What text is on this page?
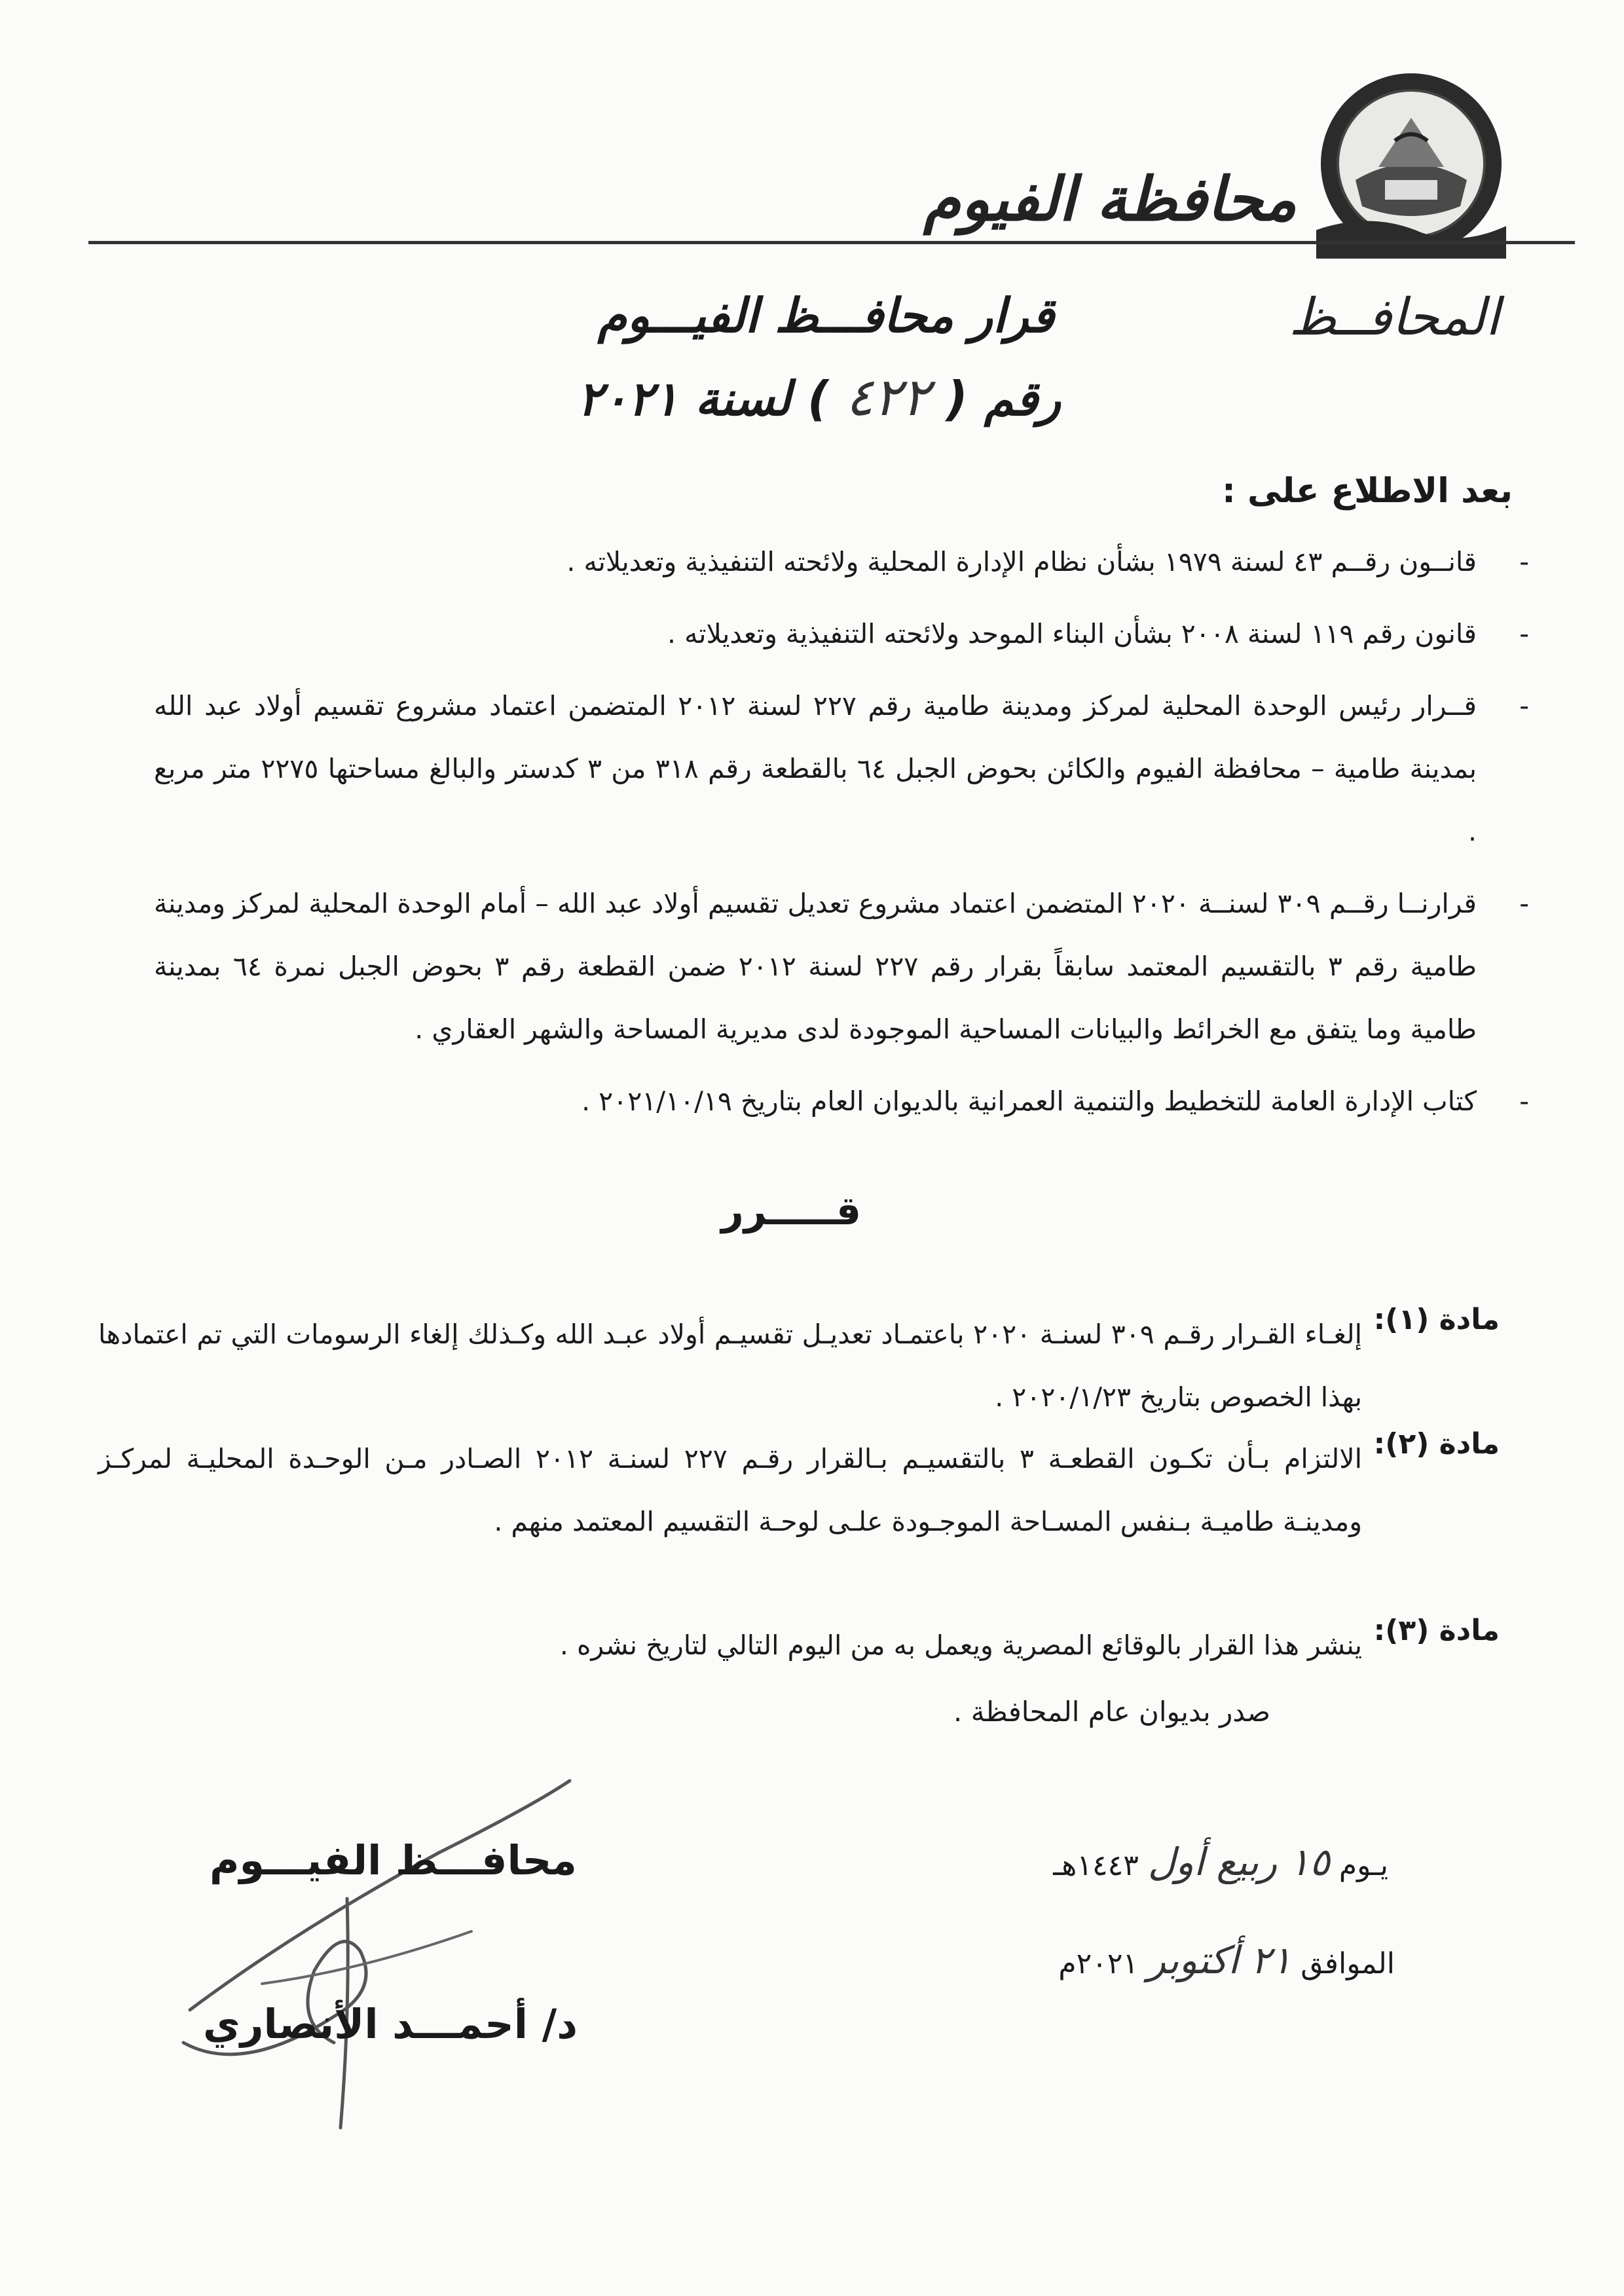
محافظة الفيوم
المحافــظ
قرار محافـــظ الفيـــوم
رقم ( ٤٢٢ ) لسنة ٢٠٢١
بعد الاطلاع على :
- قانــون رقــم ٤٣ لسنة ١٩٧٩ بشأن نظام الإدارة المحلية ولائحته التنفيذية وتعديلاته .
- قانون رقم ١١٩ لسنة ٢٠٠٨ بشأن البناء الموحد ولائحته التنفيذية وتعديلاته .
- قــرار رئيس الوحدة المحلية لمركز ومدينة طامية رقم ٢٢٧ لسنة ٢٠١٢ المتضمن اعتماد مشروع تقسيم أولاد عبد الله بمدينة طامية – محافظة الفيوم والكائن بحوض الجبل ٦٤ بالقطعة رقم ٣١٨ من ٣ كدستر والبالغ مساحتها ٢٢٧٥ متر مربع .
- قرارنــا رقــم ٣٠٩ لسنــة ٢٠٢٠ المتضمن اعتماد مشروع تعديل تقسيم أولاد عبد الله – أمام الوحدة المحلية لمركز ومدينة طامية رقم ٣ بالتقسيم المعتمد سابقاً بقرار رقم ٢٢٧ لسنة ٢٠١٢ ضمن القطعة رقم ٣ بحوض الجبل نمرة ٦٤ بمدينة طامية وما يتفق مع الخرائط والبيانات المساحية الموجودة لدى مديرية المساحة والشهر العقاري .
- كتاب الإدارة العامة للتخطيط والتنمية العمرانية بالديوان العام بتاريخ ٢٠٢١/١٠/١٩ .
قـــــرر
مادة (١):
إلغـاء القـرار رقـم ٣٠٩ لسنـة ٢٠٢٠ باعتمـاد تعديـل تقسيـم أولاد عبـد الله وكـذلك إلغاء الرسومات التي تم اعتمادها بهذا الخصوص بتاريخ ٢٠٢٠/١/٢٣ .
مادة (٢):
الالتزام بـأن تكـون القطعـة ٣ بالتقسيـم بـالقرار رقـم ٢٢٧ لسنـة ٢٠١٢ الصـادر مـن الوحـدة المحليـة لمركـز ومدينـة طاميـة بـنفس المسـاحة الموجـودة علـى لوحـة التقسيم المعتمد منهم .
مادة (٣):
ينشر هذا القرار بالوقائع المصرية ويعمل به من اليوم التالي لتاريخ نشره .
صدر بديوان عام المحافظة .
يـوم ١٥ ربيع أول ١٤٤٣هـ
الموافق ٢١ أكتوبر ٢٠٢١م
محافـــظ الفيـــوم
د/ أحمـــد الأنصاري
